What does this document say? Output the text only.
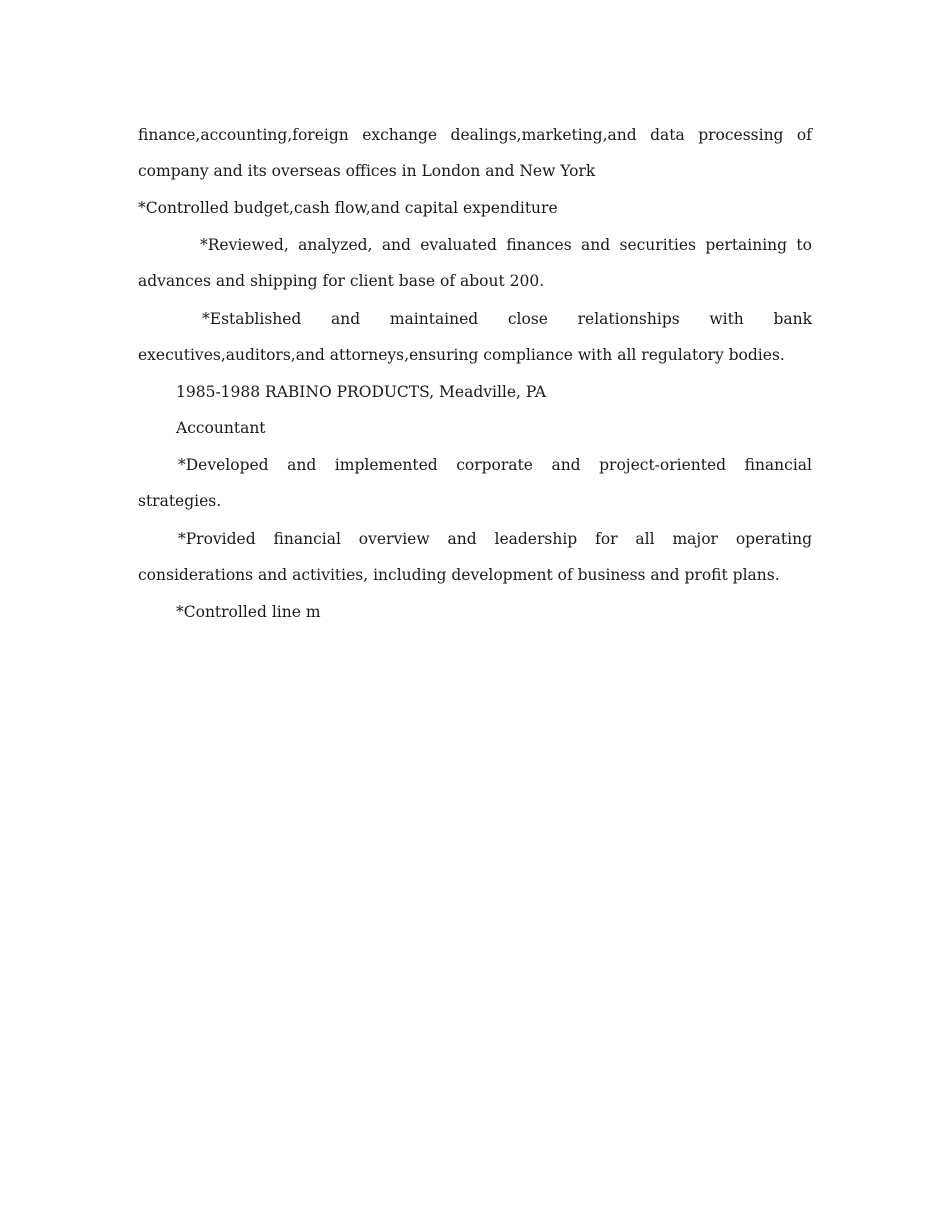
finance,accounting,foreign exchange dealings,marketing,and data processing of company and its overseas offices in London and New York

*Controlled budget,cash flow,and capital expenditure

*Reviewed, analyzed, and evaluated finances and securities pertaining to advances and shipping for client base of about 200.

*Established and maintained close relationships with bank executives,auditors,and attorneys,ensuring compliance with all regulatory bodies.

1985-1988 RABINO PRODUCTS, Meadville, PA

Accountant

*Developed and implemented corporate and project-oriented financial strategies.

*Provided financial overview and leadership for all major operating considerations and activities, including development of business and profit plans.

*Controlled line m
